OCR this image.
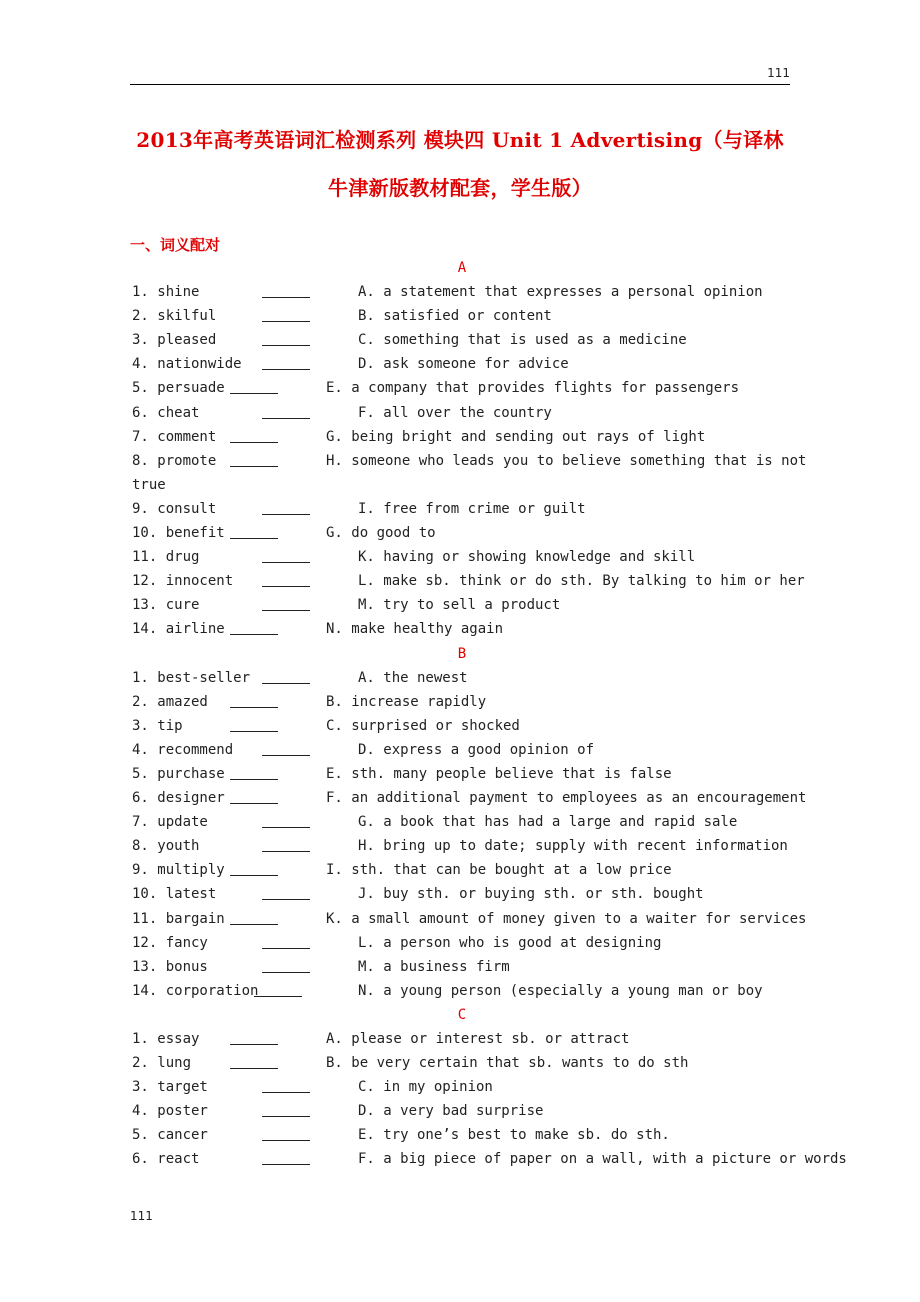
111
2013年高考英语词汇检测系列 模块四 Unit 1 Advertising（与译林
牛津新版教材配套，学生版）
一、词义配对
A
1. shine	A. a statement that expresses a personal opinion
2. skilful	B. satisfied or content
3. pleased	C. something that is used as a medicine
4. nationwide	D. ask someone for advice
5. persuade	E. a company that provides flights for passengers
6. cheat	F. all over the country
7. comment	G. being bright and sending out rays of light
8. promote	H. someone who leads you to believe something that is not
true
9. consult	I. free from crime or guilt
10. benefit	G. do good to
11. drug	K. having or showing knowledge and skill
12. innocent	L. make sb. think or do sth. By talking to him or her
13. cure	M. try to sell a product
14. airline	N. make healthy again
B
1. best-seller	A. the newest
2. amazed	B. increase rapidly
3. tip	C. surprised or shocked
4. recommend	D. express a good opinion of
5. purchase	E. sth. many people believe that is false
6. designer	F. an additional payment to employees as an encouragement
7. update	G. a book that has had a large and rapid sale
8. youth	H. bring up to date; supply with recent information
9. multiply	I. sth. that can be bought at a low price
10. latest	J. buy sth. or buying sth. or sth. bought
11. bargain	K. a small amount of money given to a waiter for services
12. fancy	L. a person who is good at designing
13. bonus	M. a business firm
14. corporation	N. a young person (especially a young man or boy
C
1. essay	A. please or interest sb. or attract
2. lung	B. be very certain that sb. wants to do sth
3. target	C. in my opinion
4. poster	D. a very bad surprise
5. cancer	E. try one’s best to make sb. do sth.
6. react	F. a big piece of paper on a wall, with a picture or words
111
